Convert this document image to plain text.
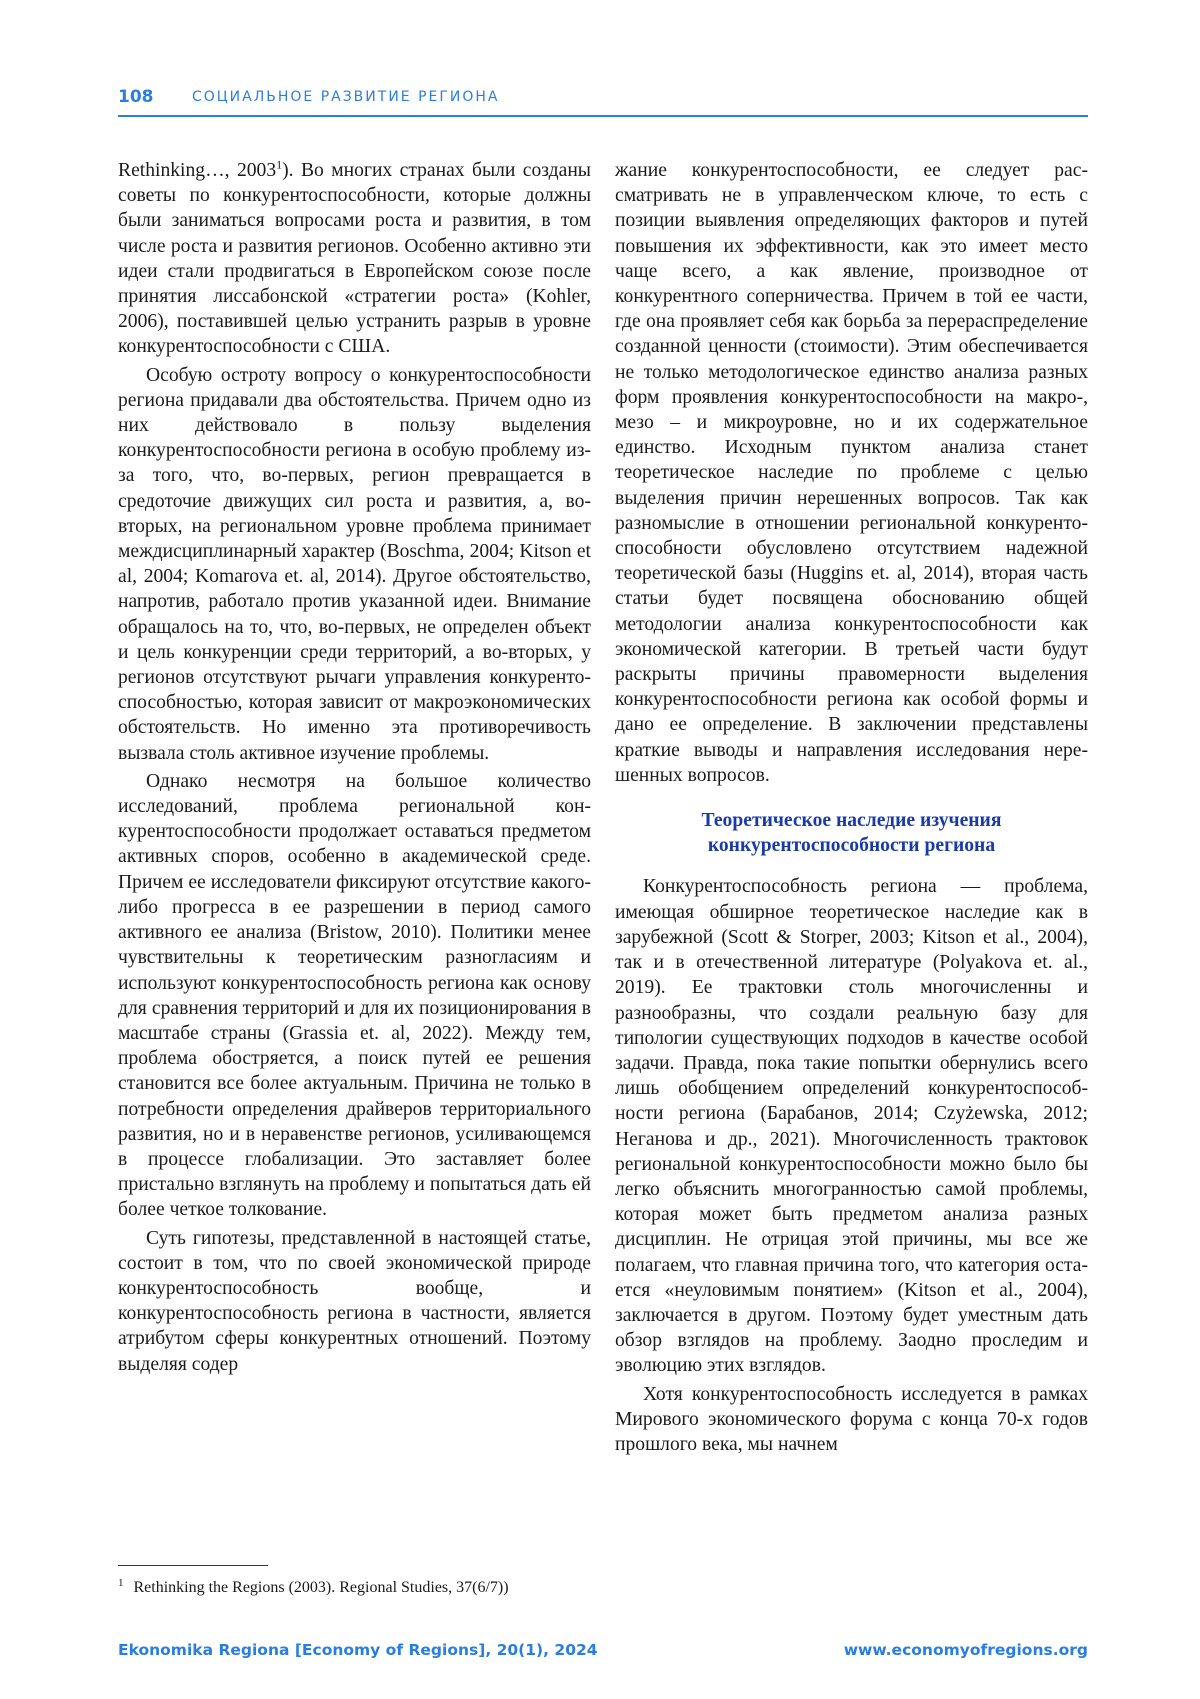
108	СОЦИАЛЬНОЕ РАЗВИТИЕ РЕГИОНА

Rethinking…, 2003$^1$). Во многих странах были созданы советы по конкурентоспособности, которые должны были заниматься вопросами роста и развития, в том числе роста и развития регионов. Особенно активно эти идеи стали продвигаться в Европейском союзе после принятия лиссабонской «стратегии роста» (Kohler, 2006), поставившей целью устранить разрыв в уровне конкурентоспособности с США.

Особую остроту вопросу о конкурентоспособности региона придавали два обстоятельства. Причем одно из них действовало в пользу выделения конкурентоспособности региона в особую проблему из-за того, что, во-первых, регион превращается в средоточие движущих сил роста и развития, а, во-вторых, на региональном уровне проблема принимает междисциплинарный характер (Boschma, 2004; Kitson et al, 2004; Komarova et. al, 2014). Другое обстоятельство, напротив, работало против указанной идеи. Внимание обращалось на то, что, во-первых, не определен объект и цель конкуренции среди территорий, а во-вторых, у регионов отсутствуют рычаги управления конкурентоспособностью, которая зависит от макроэкономических обстоятельств. Но именно эта противоречивость вызвала столь активное изучение проблемы.

Однако несмотря на большое количество исследований, проблема региональной конкурентоспособности продолжает оставаться предметом активных споров, особенно в академической среде. Причем ее исследователи фиксируют отсутствие какого-либо прогресса в ее разрешении в период самого активного ее анализа (Bristow, 2010). Политики менее чувствительны к теоретическим разногласиям и используют конкурентоспособность региона как основу для сравнения территорий и для их позиционирования в масштабе страны (Grassia et. al, 2022). Между тем, проблема обостряется, а поиск путей ее решения становится все более актуальным. Причина не только в потребности определения драйверов территориального развития, но и в неравенстве регионов, усиливающемся в процессе глобализации. Это заставляет более пристально взглянуть на проблему и попытаться дать ей более четкое толкование.

Суть гипотезы, представленной в настоящей статье, состоит в том, что по своей экономической природе конкурентоспособность вообще, и конкурентоспособность региона в частности, является атрибутом сферы конкурентных отношений. Поэтому выделяя содер

жание конкурентоспособности, ее следует рассматривать не в управленческом ключе, то есть с позиции выявления определяющих факторов и путей повышения их эффективности, как это имеет место чаще всего, а как явление, производное от конкурентного соперничества. Причем в той ее части, где она проявляет себя как борьба за перераспределение созданной ценности (стоимости). Этим обеспечивается не только методологическое единство анализа разных форм проявления конкурентоспособности на макро-, мезо – и микроуровне, но и их содержательное единство. Исходным пунктом анализа станет теоретическое наследие по проблеме с целью выделения причин нерешенных вопросов. Так как разномыслие в отношении региональной конкурентоспособности обусловлено отсутствием надежной теоретической базы (Huggins et. al, 2014), вторая часть статьи будет посвящена обоснованию общей методологии анализа конкурентоспособности как экономической категории. В третьей части будут раскрыты причины правомерности выделения конкурентоспособности региона как особой формы и дано ее определение. В заключении представлены краткие выводы и направления исследования нерешенных вопросов.

Теоретическое наследие изучения
конкурентоспособности региона

Конкурентоспособность региона — проблема, имеющая обширное теоретическое наследие как в зарубежной (Scott & Storper, 2003; Kitson et al., 2004), так и в отечественной литературе (Polyakova et. al., 2019). Ее трактовки столь многочисленны и разнообразны, что создали реальную базу для типологии существующих подходов в качестве особой задачи. Правда, пока такие попытки обернулись всего лишь обобщением определений конкурентоспособности региона (Барабанов, 2014; Czyżewska, 2012; Неганова и др., 2021). Многочисленность трактовок региональной конкурентоспособности можно было бы легко объяснить многогранностью самой проблемы, которая может быть предметом анализа разных дисциплин. Не отрицая этой причины, мы все же полагаем, что главная причина того, что категория остается «неуловимым понятием» (Kitson et al., 2004), заключается в другом. Поэтому будет уместным дать обзор взглядов на проблему. Заодно проследим и эволюцию этих взглядов.

Хотя конкурентоспособность исследуется в рамках Мирового экономического форума с конца 70-х годов прошлого века, мы начнем

$^1$ Rethinking the Regions (2003). Regional Studies, 37(6/7))
Ekonomika Regiona [Economy of Regions], 20(1), 2024	www.economyofregions.org
